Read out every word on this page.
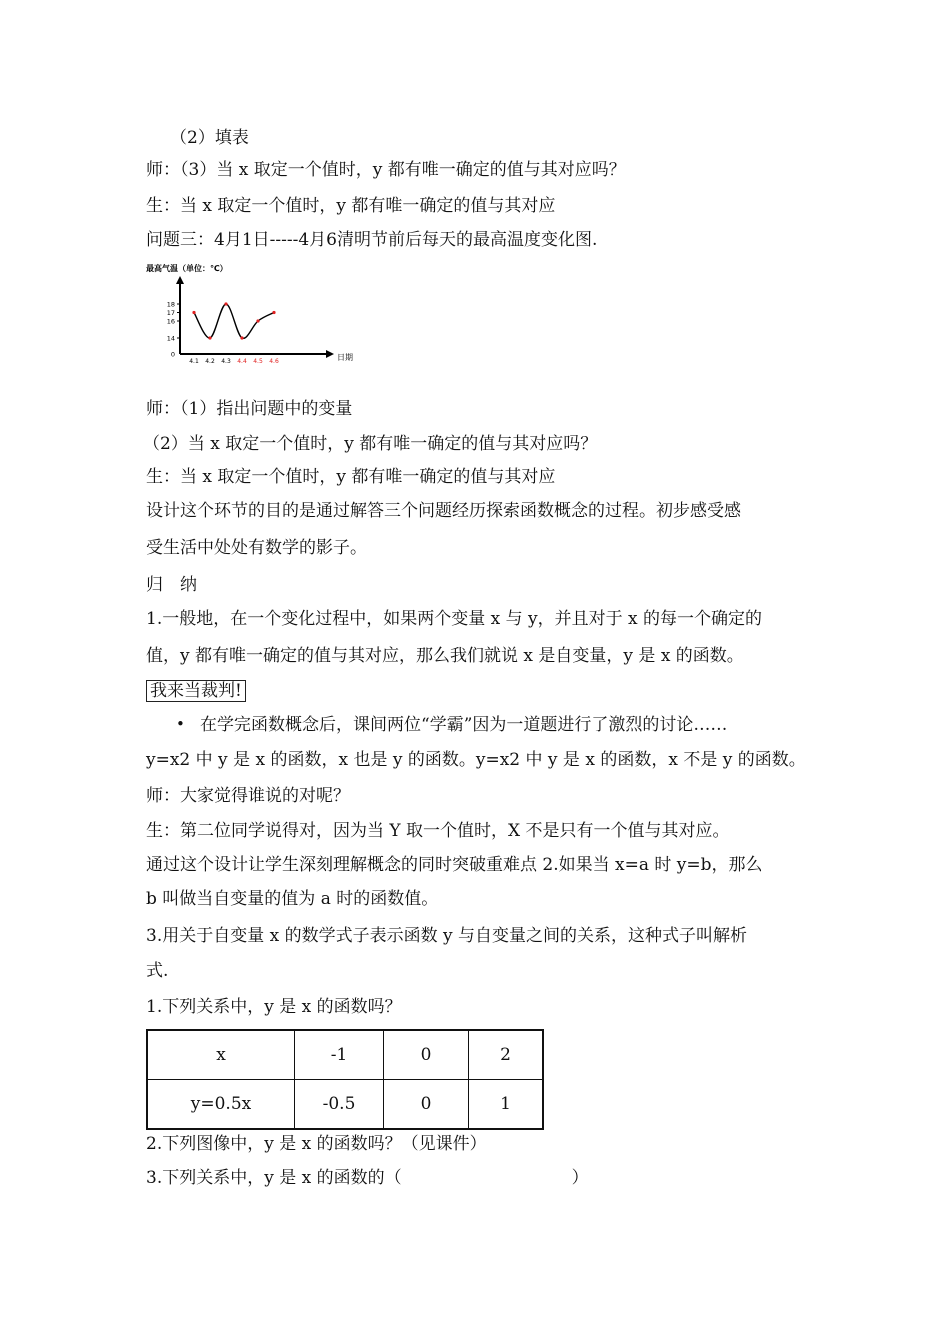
（2）填表
师：（3）当 x 取定一个值时，y 都有唯一确定的值与其对应吗？
生：当 x 取定一个值时，y 都有唯一确定的值与其对应
问题三：4月1日-----4月6清明节前后每天的最高温度变化图.
最高气温（单位：℃）
日期
0
14
16
17
18
4.1 4.2 4.3 4.4 4.5 4.6
师：（1）指出问题中的变量
（2）当 x 取定一个值时，y 都有唯一确定的值与其对应吗？
生：当 x 取定一个值时，y 都有唯一确定的值与其对应
设计这个环节的目的是通过解答三个问题经历探索函数概念的过程。初步感受感
受生活中处处有数学的影子。
归　纳
1.一般地，在一个变化过程中，如果两个变量 x 与 y，并且对于 x 的每一个确定的
值，y 都有唯一确定的值与其对应，那么我们就说 x 是自变量，y 是 x 的函数。
我来当裁判!
• 在学完函数概念后，课间两位“学霸”因为一道题进行了激烈的讨论……
y=x2 中 y 是 x 的函数，x 也是 y 的函数。y=x2 中 y 是 x 的函数，x 不是 y 的函数。
师：大家觉得谁说的对呢？
生：第二位同学说得对，因为当 Y 取一个值时，X 不是只有一个值与其对应。
通过这个设计让学生深刻理解概念的同时突破重难点 2.如果当 x=a 时 y=b，那么
b 叫做当自变量的值为 a 时的函数值。
3.用关于自变量 x 的数学式子表示函数 y 与自变量之间的关系，这种式子叫解析
式.
1.下列关系中，y 是 x 的函数吗？
x	-1	0	2
y=0.5x	-0.5	0	1
2.下列图像中，y 是 x 的函数吗？（见课件）
3.下列关系中，y 是 x 的函数的（　　　　　　　　　　）
